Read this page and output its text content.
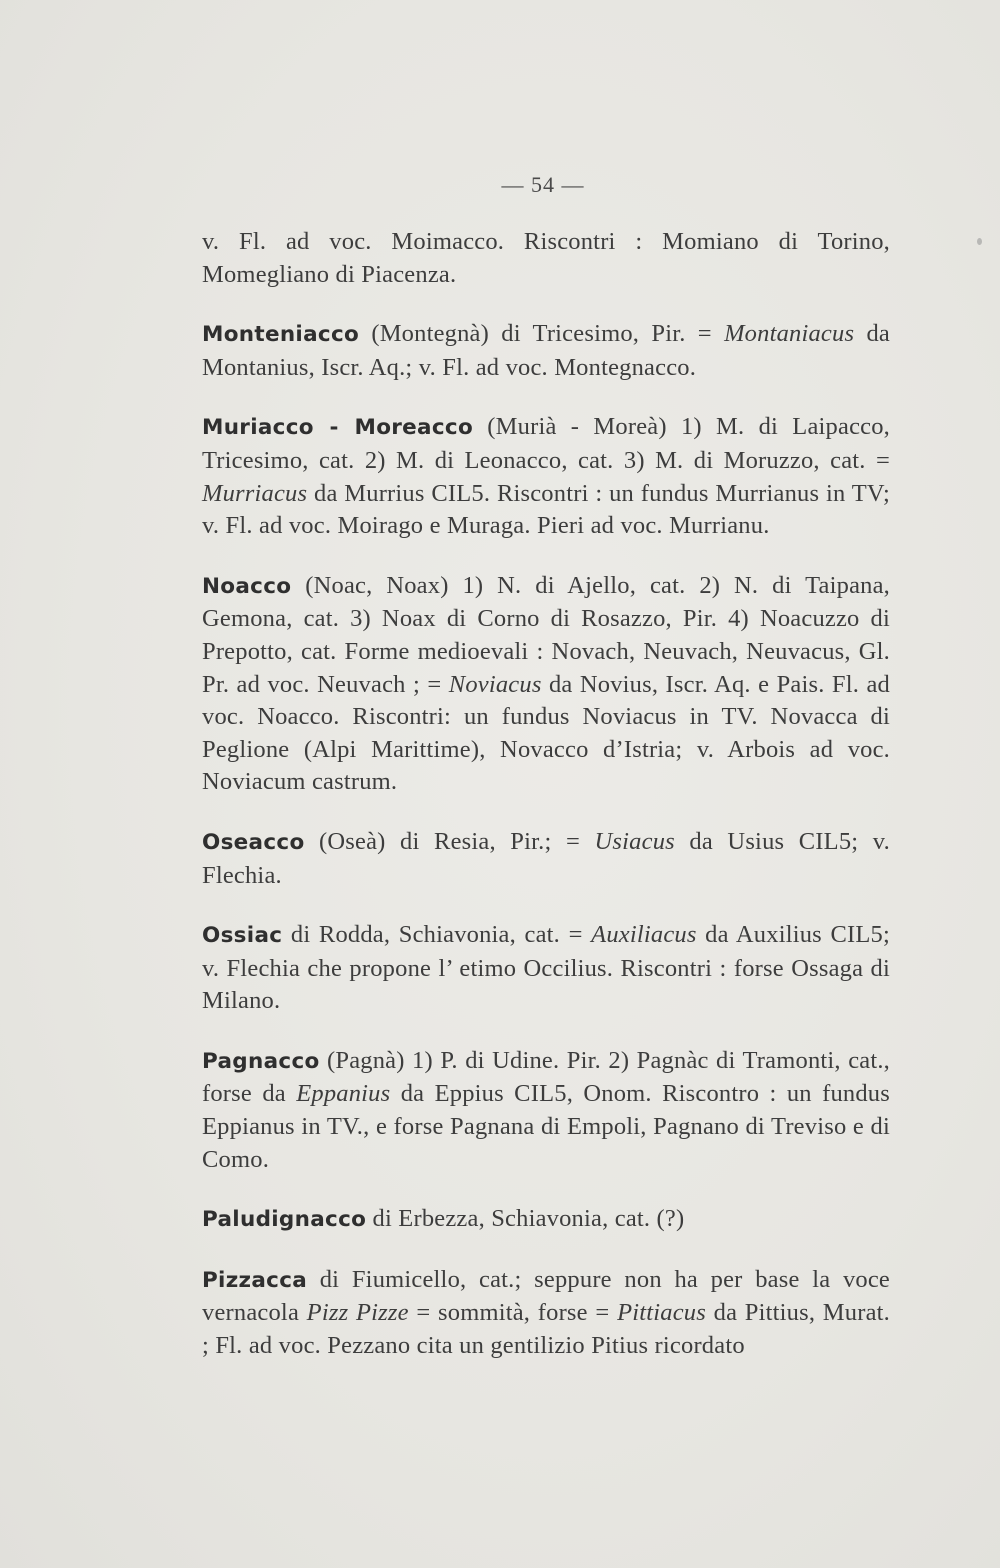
— 54 —

v. Fl. ad voc. Moimacco. Riscontri : Momiano di Torino, Momegliano di Piacenza.

Monteniacco (Montegnà) di Tricesimo, Pir. = Montaniacus da Montanius, Iscr. Aq.; v. Fl. ad voc. Montegnacco.

Muriacco - Moreacco (Murià - Moreà) 1) M. di Laipacco, Tricesimo, cat. 2) M. di Leonacco, cat. 3) M. di Moruzzo, cat. = Murriacus da Murrius CIL5. Riscontri : un fundus Murrianus in TV; v. Fl. ad voc. Moirago e Muraga. Pieri ad voc. Murrianu.

Noacco (Noac, Noax) 1) N. di Ajello, cat. 2) N. di Taipana, Gemona, cat. 3) Noax di Corno di Rosazzo, Pir. 4) Noacuzzo di Prepotto, cat. Forme medioevali : Novach, Neuvach, Neuvacus, Gl. Pr. ad voc. Neuvach ; = Noviacus da Novius, Iscr. Aq. e Pais. Fl. ad voc. Noacco. Riscontri: un fundus Noviacus in TV. Novacca di Peglione (Alpi Marittime), Novacco d’Istria; v. Arbois ad voc. Noviacum castrum.

Oseacco (Oseà) di Resia, Pir.; = Usiacus da Usius CIL5; v. Flechia.

Ossiac di Rodda, Schiavonia, cat. = Auxiliacus da Auxilius CIL5; v. Flechia che propone l’ etimo Occilius. Riscontri : forse Ossaga di Milano.

Pagnacco (Pagnà) 1) P. di Udine. Pir. 2) Pagnàc di Tramonti, cat., forse da Eppanius da Eppius CIL5, Onom. Riscontro : un fundus Eppianus in TV., e forse Pagnana di Empoli, Pagnano di Treviso e di Como.

Paludignacco di Erbezza, Schiavonia, cat. (?)

Pizzacca di Fiumicello, cat.; seppure non ha per base la voce vernacola Pizz Pizze = sommità, forse = Pittiacus da Pittius, Murat. ; Fl. ad voc. Pezzano cita un gentilizio Pitius ricordato
